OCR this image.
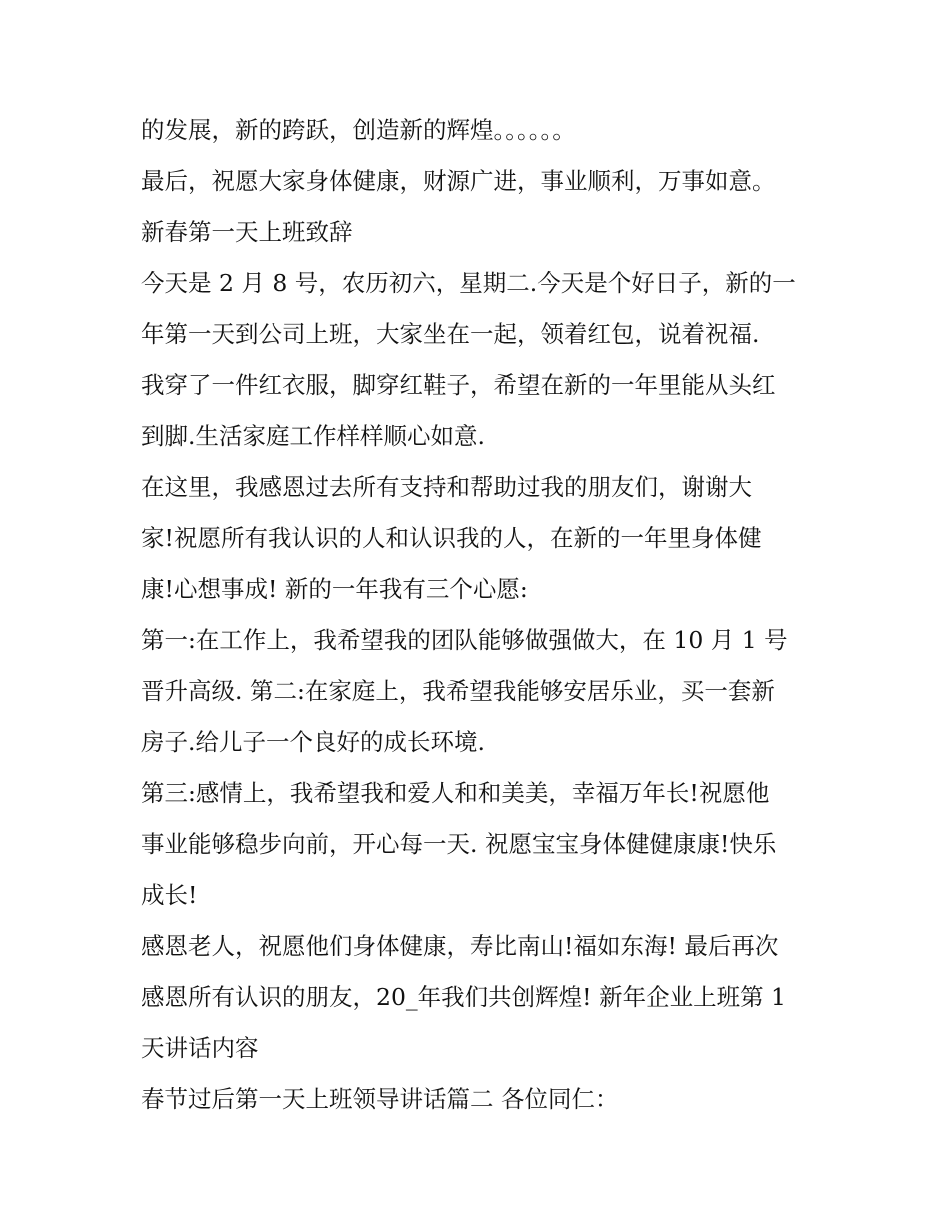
的发展，新的跨跃，创造新的辉煌。。。。。。
最后，祝愿大家身体健康，财源广进，事业顺利，万事如意。
新春第一天上班致辞
今天是 2 月 8 号，农历初六，星期二.今天是个好日子，新的一
年第一天到公司上班，大家坐在一起，领着红包，说着祝福.
我穿了一件红衣服，脚穿红鞋子，希望在新的一年里能从头红
到脚.生活家庭工作样样顺心如意.
在这里，我感恩过去所有支持和帮助过我的朋友们，谢谢大
家!祝愿所有我认识的人和认识我的人，在新的一年里身体健
康!心想事成! 新的一年我有三个心愿:
第一:在工作上，我希望我的团队能够做强做大，在 10 月 1 号
晋升高级. 第二:在家庭上，我希望我能够安居乐业，买一套新
房子.给儿子一个良好的成长环境.
第三:感情上，我希望我和爱人和和美美，幸福万年长!祝愿他
事业能够稳步向前，开心每一天. 祝愿宝宝身体健健康康!快乐
成长!
感恩老人，祝愿他们身体健康，寿比南山!福如东海! 最后再次
感恩所有认识的朋友，20_年我们共创辉煌! 新年企业上班第 1
天讲话内容
春节过后第一天上班领导讲话篇二 各位同仁：
